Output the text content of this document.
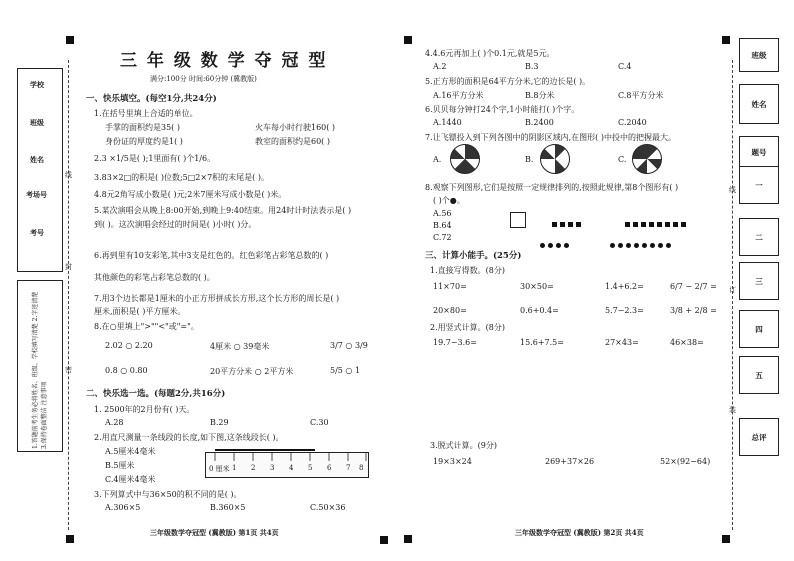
学校
班级
姓名
考场号
考号
1.答题前考生务必将姓名、班级、学校填写清楚 2.字迹清楚 3.保持卷面整洁 注意事项
线
封
密
三 年 级 数 学 夺 冠 型
满分:100分 时间:60分钟 (冀教版)
一、快乐填空。(每空1分,共24分)
1.在括号里填上合适的单位。
手掌的面积约是35( )	火车每小时行驶160( )
身份证的厚度约是1( )	教室的面积约是60( )
2.3 ×1/5是( );1里面有( )个1/6。
3.83×2□的积是( )位数;5□2×7积的末尾是( )。
4.8元2角写成小数是( )元;2米7厘米写成小数是( )米。
5.某次演唱会从晚上8:00开始,到晚上9:40结束。用24时计时法表示是( )
到( )。这次演唱会经过的时间是( )小时( )分。
6.再到里有10支彩笔,其中3支是红色的。红色彩笔占彩笔总数的( )
其他颜色的彩笔占彩笔总数的( )。
7.用3个边长都是1厘米的小正方形拼成长方形,这个长方形的周长是( )
厘米,面积是( )平方厘米。
8.在○里填上">""<"或"="。
2.02 ○ 2.20	4厘米 ○ 39毫米	3/7 ○ 3/9
0.8 ○ 0.80	20平方分米 ○ 2平方米	5/5 ○ 1
二、快乐选一选。(每题2分,共16分)
1. 2500年的2月份有( )天。
A.28	B.29	C.30
2.用直尺测量一条线段的长度,如下图,这条线段长( )。
A.5厘米4毫米
B.5厘米
C.4厘米4毫米
0 厘米 1 2 3 4 5 6 7 8
3.下列算式中与36×50的积不同的是( )。
A.306×5	B.360×5	C.50×36
三年级数学夺冠型 (冀教版) 第1页 共4页
4.4.6元再加上( )个0.1元,就是5元。
A.2	B.3	C.4
5.正方形的面积是64平方分米,它的边长是( )。
A.16平方分米	B.8分米	C.8平方分米
6.贝贝每分钟打24个字,1小时能打( )个字。
A.1440	B.2400	C.2040
7.让飞镖投入到下列各图中的阴影区域内,在图形( )中投中的把握最大。
A.	B.	C.
8.观察下列图形,它们是按照一定规律排列的,按照此规律,第8个图形有( )
( )个●。
A.56
B.64
C.72
三、计算小能手。(25分)
1.直接写得数。(8分)
11×70=	30×50=	1.4+6.2=	6/7 − 2/7 =
20×80=	0.6+0.4=	5.7−2.3=	3/8 + 2/8 =
2.用竖式计算。(8分)
19.7−3.6=	15.6+7.5=	27×43=	46×38=
3.脱式计算。(9分)
19×3×24	269+37×26	52×(92−64)
三年级数学夺冠型 (冀教版) 第2页 共4页
线
订
装
班级
姓名
题号
一
二
三
四
五
总评
